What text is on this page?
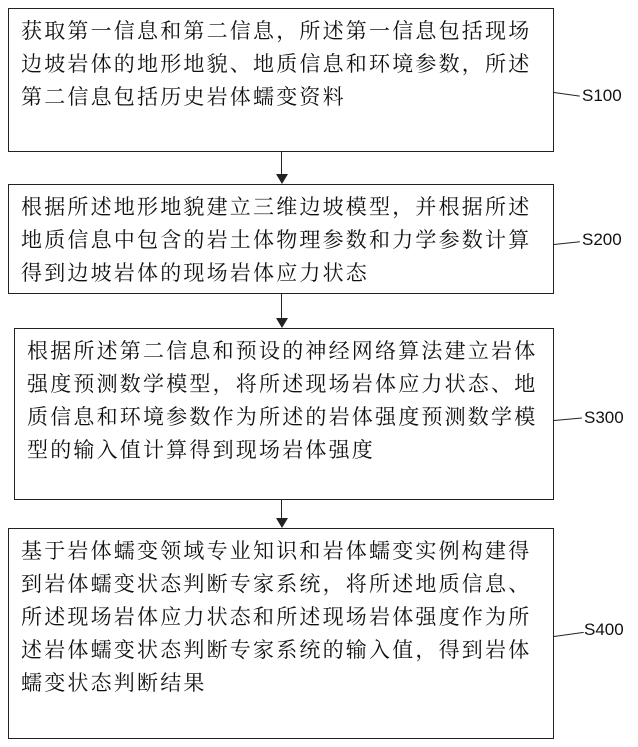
获取第一信息和第二信息，所述第一信息包括现场边坡岩体的地形地貌、地质信息和环境参数，所述第二信息包括历史岩体蠕变资料	S100

根据所述地形地貌建立三维边坡模型，并根据所述地质信息中包含的岩土体物理参数和力学参数计算得到边坡岩体的现场岩体应力状态

S200

根据所述第二信息和预设的神经网络算法建立岩体强度预测数学模型，将所述现场岩体应力状态、地质信息和环境参数作为所述的岩体强度预测数学模型的输入值计算得到现场岩体强度

S300

基于岩体蠕变领域专业知识和岩体蠕变实例构建得到岩体蠕变状态判断专家系统，将所述地质信息、所述现场岩体应力状态和所述现场岩体强度作为所述岩体蠕变状态判断专家系统的输入值，得到岩体蠕变状态判断结果

S400
